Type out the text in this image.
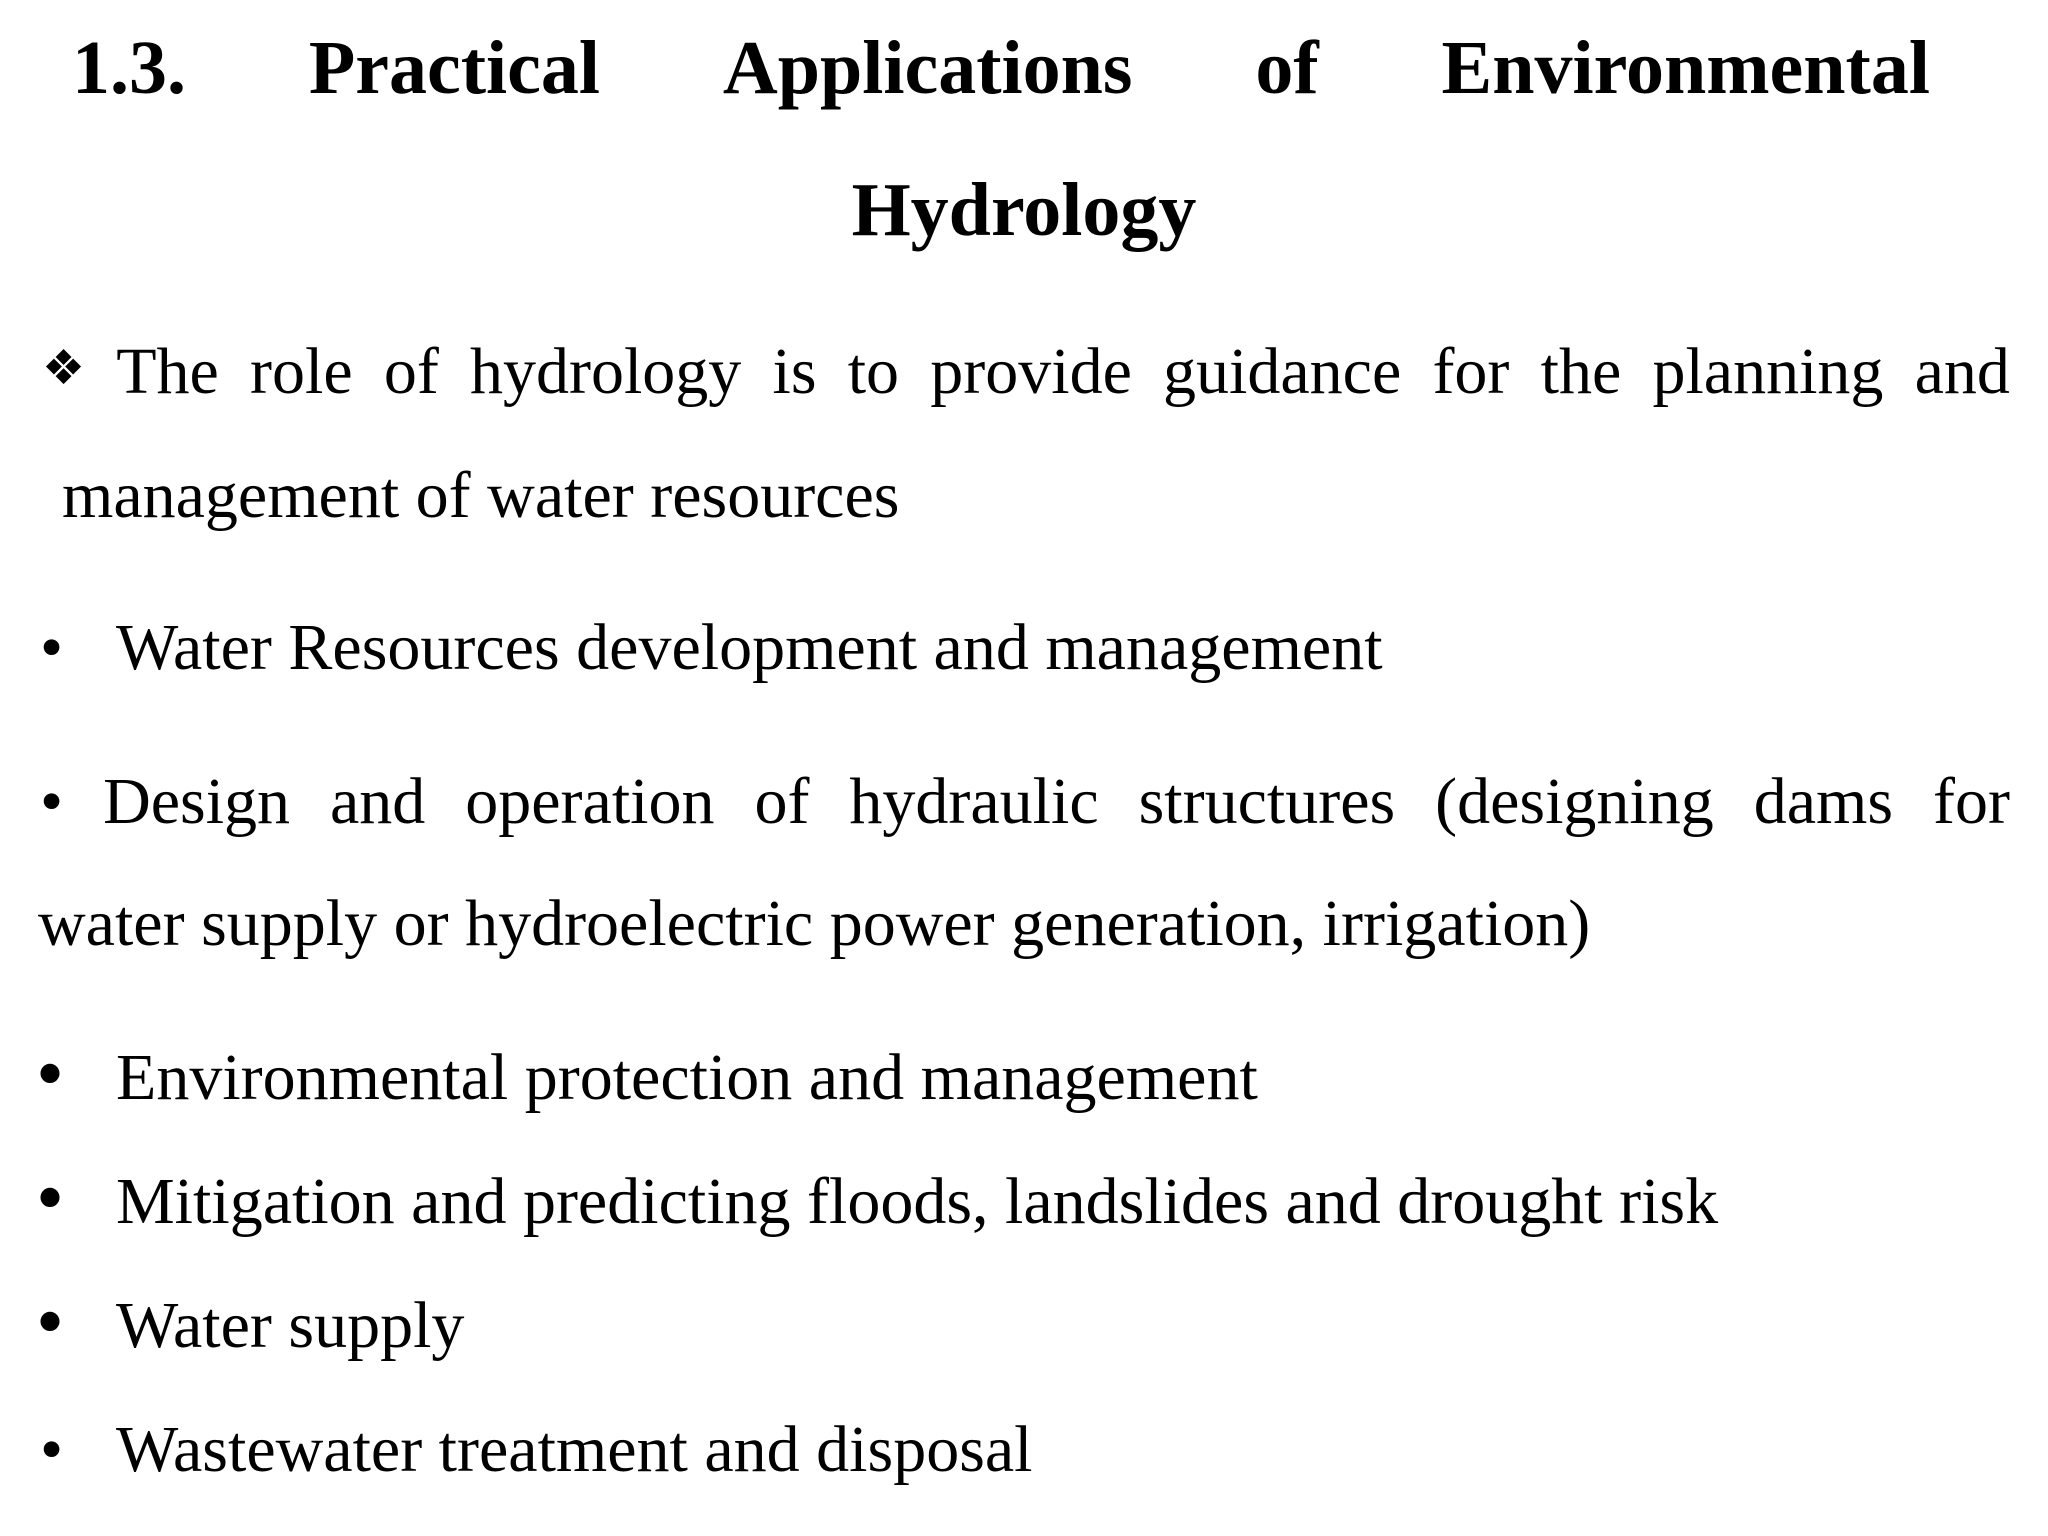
1.3. Practical Applications of Environmental
Hydrology
❖ The role of hydrology is to provide guidance for the planning and
management of water resources
• Water Resources development and management
• Design and operation of hydraulic structures (designing dams for
water supply or hydroelectric power generation, irrigation)
• Environmental protection and management
• Mitigation and predicting floods, landslides and drought risk
• Water supply
• Wastewater treatment and disposal
